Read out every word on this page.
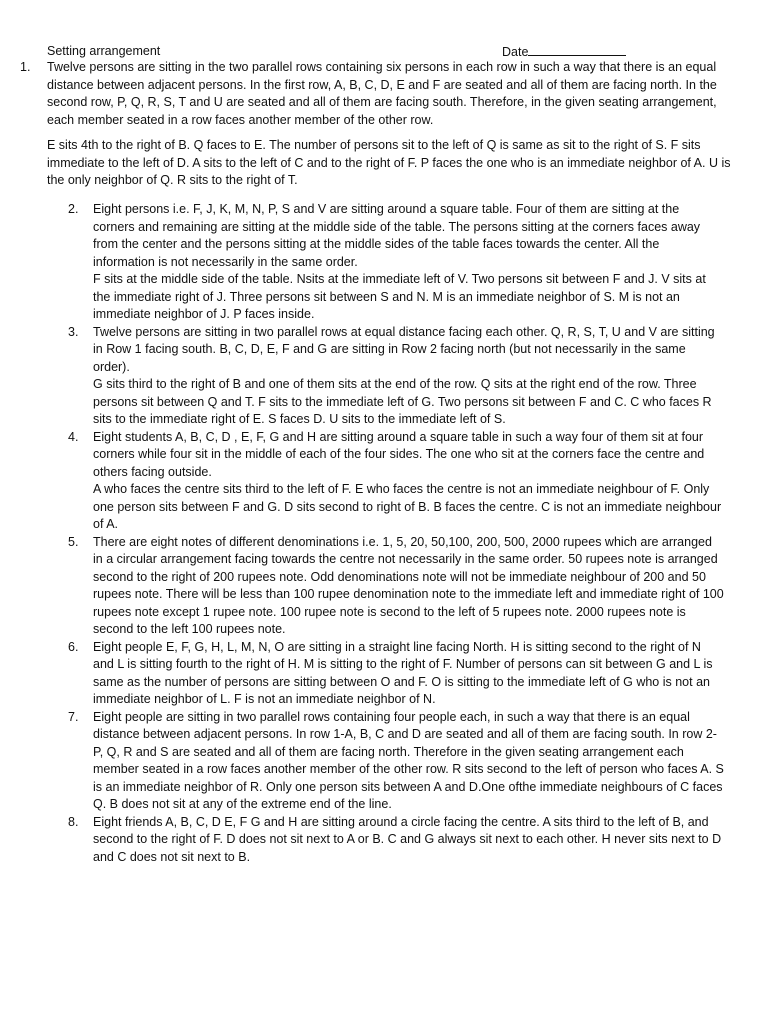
Setting arrangement	Date
1. Twelve persons are sitting in the two parallel rows containing six persons in each row in such a way that there is an equal distance between adjacent persons. In the first row, A, B, C, D, E and F are seated and all of them are facing north. In the second row, P, Q, R, S, T and U are seated and all of them are facing south. Therefore, in the given seating arrangement, each member seated in a row faces another member of the other row.

E sits 4th to the right of B. Q faces to E. The number of persons sit to the left of Q is same as sit to the right of S. F sits immediate to the left of D. A sits to the left of C and to the right of F. P faces the one who is an immediate neighbor of A. U is the only neighbor of Q. R sits to the right of T.

2. Eight persons i.e. F, J, K, M, N, P, S and V are sitting around a square table. Four of them are sitting at the corners and remaining are sitting at the middle side of the table. The persons sitting at the corners faces away from the center and the persons sitting at the middle sides of the table faces towards the center. All the information is not necessarily in the same order.

F sits at the middle side of the table. Nsits at the immediate left of V. Two persons sit between F and J. V sits at the immediate right of J. Three persons sit between S and N. M is an immediate neighbor of S. M is not an immediate neighbor of J. P faces inside.

3. Twelve persons are sitting in two parallel rows at equal distance facing each other. Q, R, S, T, U and V are sitting in Row 1 facing south. B, C, D, E, F and G are sitting in Row 2 facing north (but not necessarily in the same order).

G sits third to the right of B and one of them sits at the end of the row. Q sits at the right end of the row. Three persons sit between Q and T. F sits to the immediate left of G. Two persons sit between F and C. C who faces R sits to the immediate right of E. S faces D. U sits to the immediate left of S.

4. Eight students A, B, C, D , E, F, G and H are sitting around a square table in such a way four of them sit at four corners while four sit in the middle of each of the four sides. The one who sit at the corners face the centre and others facing outside.

A who faces the centre sits third to the left of F. E who faces the centre is not an immediate neighbour of F. Only one person sits between F and G. D sits second to right of B. B faces the centre. C is not an immediate neighbour of A.

5. There are eight notes of different denominations i.e. 1, 5, 20, 50,100, 200, 500, 2000 rupees which are arranged in a circular arrangement facing towards the centre not necessarily in the same order. 50 rupees note is arranged second to the right of 200 rupees note. Odd denominations note will not be immediate neighbour of 200 and 50 rupees note. There will be less than 100 rupee denomination note to the immediate left and immediate right of 100 rupees note except 1 rupee note. 100 rupee note is second to the left of 5 rupees note. 2000 rupees note is second to the left 100 rupees note.

6. Eight people E, F, G, H, L, M, N, O are sitting in a straight line facing North. H is sitting second to the right of N and L is sitting fourth to the right of H. M is sitting to the right of F. Number of persons can sit between G and L is same as the number of persons are sitting between O and F. O is sitting to the immediate left of G who is not an immediate neighbor of L. F is not an immediate neighbor of N.

7. Eight people are sitting in two parallel rows containing four people each, in such a way that there is an equal distance between adjacent persons. In row 1-A, B, C and D are seated and all of them are facing south. In row 2- P, Q, R and S are seated and all of them are facing north. Therefore in the given seating arrangement each member seated in a row faces another member of the other row. R sits second to the left of person who faces A. S is an immediate neighbor of R. Only one person sits between A and D.One ofthe immediate neighbours of C faces Q. B does not sit at any of the extreme end of the line.

8. Eight friends A, B, C, D E, F G and H are sitting around a circle facing the centre. A sits third to the left of B, and second to the right of F. D does not sit next to A or B. C and G always sit next to each other. H never sits next to D and C does not sit next to B.
